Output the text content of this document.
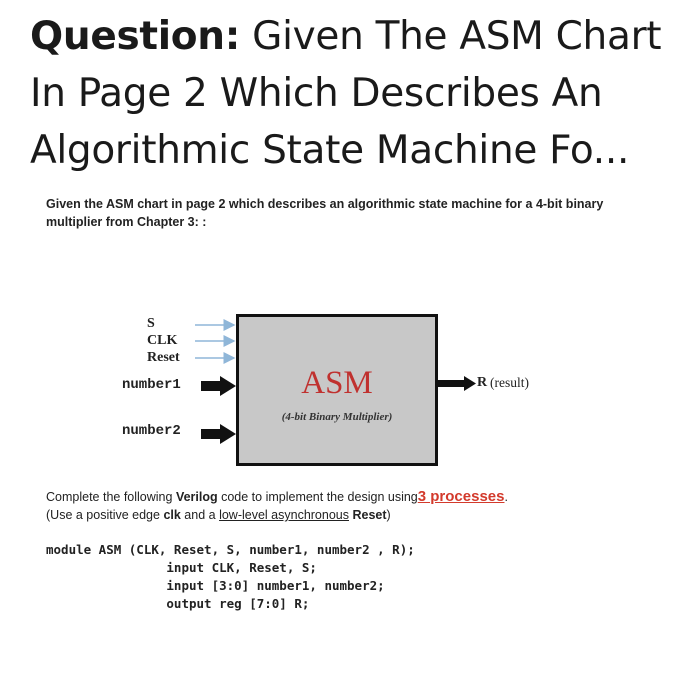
Question: Given The ASM Chart In Page 2 Which Describes An Algorithmic State Machine Fo...
Given the ASM chart in page 2 which describes an algorithmic state machine for a 4-bit binary multiplier from Chapter 3: :
S
CLK
Reset
number1
number2
ASM
(4-bit Binary Multiplier)
R (result)
Complete the following Verilog code to implement the design using3 processes.
(Use a positive edge clk and a low-level asynchronous Reset)
module ASM (CLK, Reset, S, number1, number2 , R);
input CLK, Reset, S;
input [3:0] number1, number2;
output reg [7:0] R;
